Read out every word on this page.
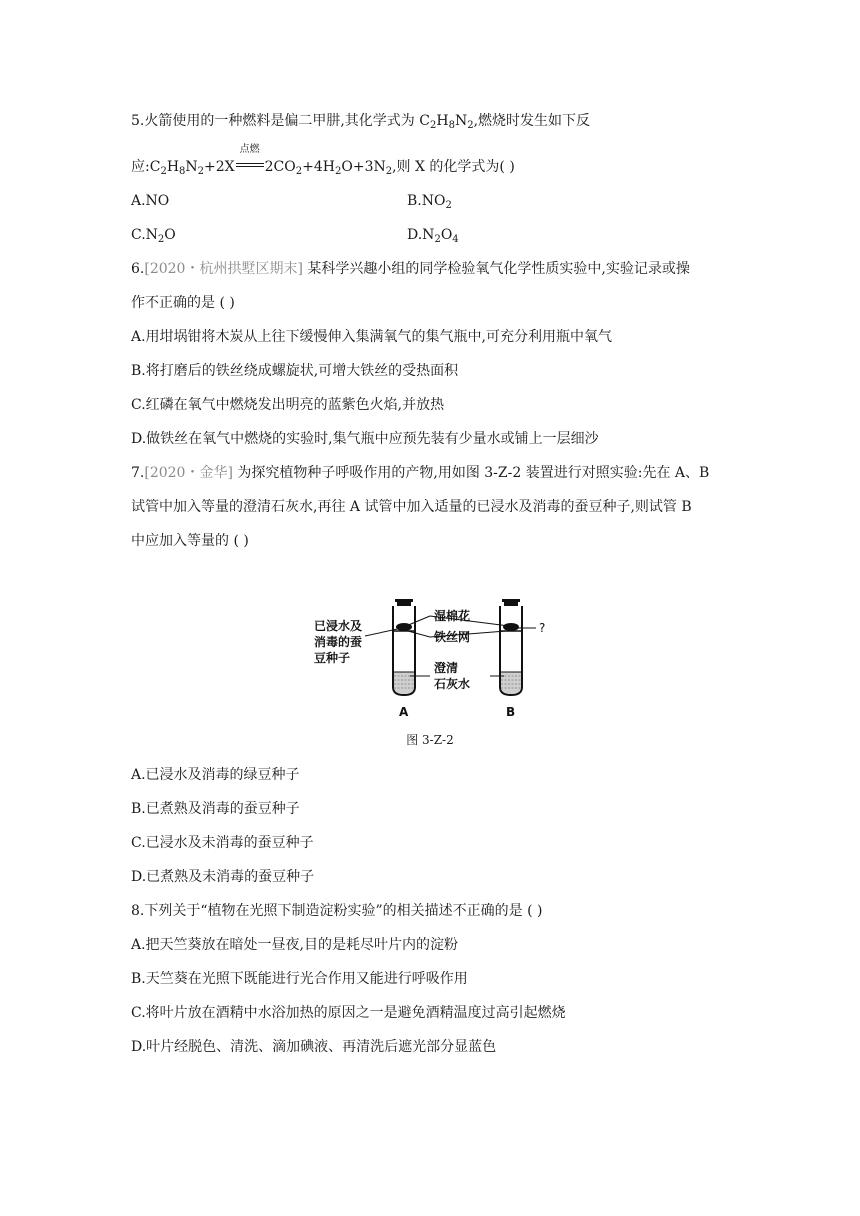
5.火箭使用的一种燃料是偏二甲肼,其化学式为 $C_2H_8N_2$,燃烧时发生如下反
应$:C_2H_8N_2+2X$
点燃
$2CO_2+4H_2O+3N_2$,则 X 的化学式为( )
A.NO	$B.NO_2$
$C.N_2O$	$D.N_2O_4$
6.[2020・杭州拱墅区期末] 某科学兴趣小组的同学检验氧气化学性质实验中,实验记录或操
作不正确的是 ( )
A.用坩埚钳将木炭从上往下缓慢伸入集满氧气的集气瓶中,可充分利用瓶中氧气
B.将打磨后的铁丝绕成螺旋状,可增大铁丝的受热面积
C.红磷在氧气中燃烧发出明亮的蓝紫色火焰,并放热
D.做铁丝在氧气中燃烧的实验时,集气瓶中应预先装有少量水或铺上一层细沙
7.[2020・金华] 为探究植物种子呼吸作用的产物,用如图 3-Z-2 装置进行对照实验:先在 A、B
试管中加入等量的澄清石灰水,再往 A 试管中加入适量的已浸水及消毒的蚕豆种子,则试管 B
中应加入等量的 ( )
已浸水及
消毒的蚕
豆种子
湿棉花
铁丝网
澄清
石灰水
?
A	B
图 3-Z-2
A.已浸水及消毒的绿豆种子
B.已煮熟及消毒的蚕豆种子
C.已浸水及未消毒的蚕豆种子
D.已煮熟及未消毒的蚕豆种子
8.下列关于“植物在光照下制造淀粉实验”的相关描述不正确的是 ( )
A.把天竺葵放在暗处一昼夜,目的是耗尽叶片内的淀粉
B.天竺葵在光照下既能进行光合作用又能进行呼吸作用
C.将叶片放在酒精中水浴加热的原因之一是避免酒精温度过高引起燃烧
D.叶片经脱色、清洗、滴加碘液、再清洗后遮光部分显蓝色
